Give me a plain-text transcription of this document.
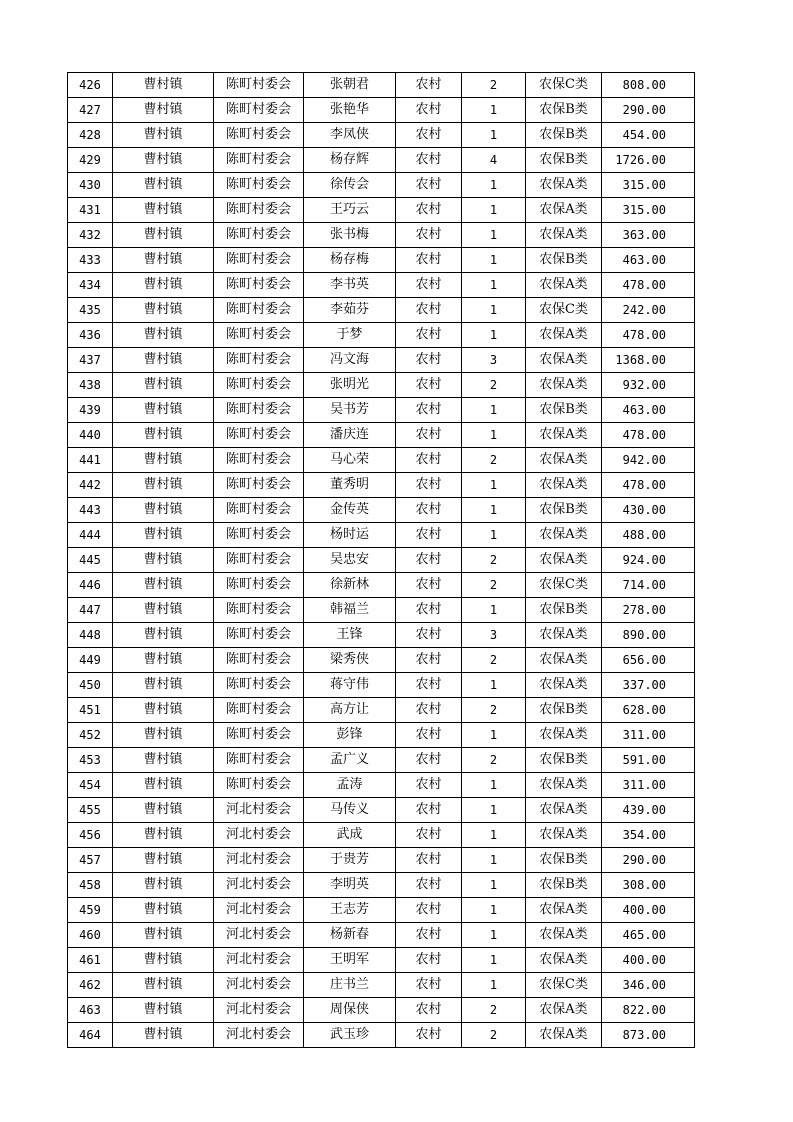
426	曹村镇	陈町村委会	张朝君	农村	2	农保C类	808.00
427	曹村镇	陈町村委会	张艳华	农村	1	农保B类	290.00
428	曹村镇	陈町村委会	李凤侠	农村	1	农保B类	454.00
429	曹村镇	陈町村委会	杨存辉	农村	4	农保B类	1726.00
430	曹村镇	陈町村委会	徐传会	农村	1	农保A类	315.00
431	曹村镇	陈町村委会	王巧云	农村	1	农保A类	315.00
432	曹村镇	陈町村委会	张书梅	农村	1	农保A类	363.00
433	曹村镇	陈町村委会	杨存梅	农村	1	农保B类	463.00
434	曹村镇	陈町村委会	李书英	农村	1	农保A类	478.00
435	曹村镇	陈町村委会	李茹芬	农村	1	农保C类	242.00
436	曹村镇	陈町村委会	于梦	农村	1	农保A类	478.00
437	曹村镇	陈町村委会	冯文海	农村	3	农保A类	1368.00
438	曹村镇	陈町村委会	张明光	农村	2	农保A类	932.00
439	曹村镇	陈町村委会	吴书芳	农村	1	农保B类	463.00
440	曹村镇	陈町村委会	潘庆连	农村	1	农保A类	478.00
441	曹村镇	陈町村委会	马心荣	农村	2	农保A类	942.00
442	曹村镇	陈町村委会	董秀明	农村	1	农保A类	478.00
443	曹村镇	陈町村委会	金传英	农村	1	农保B类	430.00
444	曹村镇	陈町村委会	杨时运	农村	1	农保A类	488.00
445	曹村镇	陈町村委会	吴忠安	农村	2	农保A类	924.00
446	曹村镇	陈町村委会	徐新林	农村	2	农保C类	714.00
447	曹村镇	陈町村委会	韩福兰	农村	1	农保B类	278.00
448	曹村镇	陈町村委会	王锋	农村	3	农保A类	890.00
449	曹村镇	陈町村委会	梁秀侠	农村	2	农保A类	656.00
450	曹村镇	陈町村委会	蒋守伟	农村	1	农保A类	337.00
451	曹村镇	陈町村委会	高方让	农村	2	农保B类	628.00
452	曹村镇	陈町村委会	彭锋	农村	1	农保A类	311.00
453	曹村镇	陈町村委会	孟广义	农村	2	农保B类	591.00
454	曹村镇	陈町村委会	孟涛	农村	1	农保A类	311.00
455	曹村镇	河北村委会	马传义	农村	1	农保A类	439.00
456	曹村镇	河北村委会	武成	农村	1	农保A类	354.00
457	曹村镇	河北村委会	于贵芳	农村	1	农保B类	290.00
458	曹村镇	河北村委会	李明英	农村	1	农保B类	308.00
459	曹村镇	河北村委会	王志芳	农村	1	农保A类	400.00
460	曹村镇	河北村委会	杨新春	农村	1	农保A类	465.00
461	曹村镇	河北村委会	王明军	农村	1	农保A类	400.00
462	曹村镇	河北村委会	庄书兰	农村	1	农保C类	346.00
463	曹村镇	河北村委会	周保侠	农村	2	农保A类	822.00
464	曹村镇	河北村委会	武玉珍	农村	2	农保A类	873.00
